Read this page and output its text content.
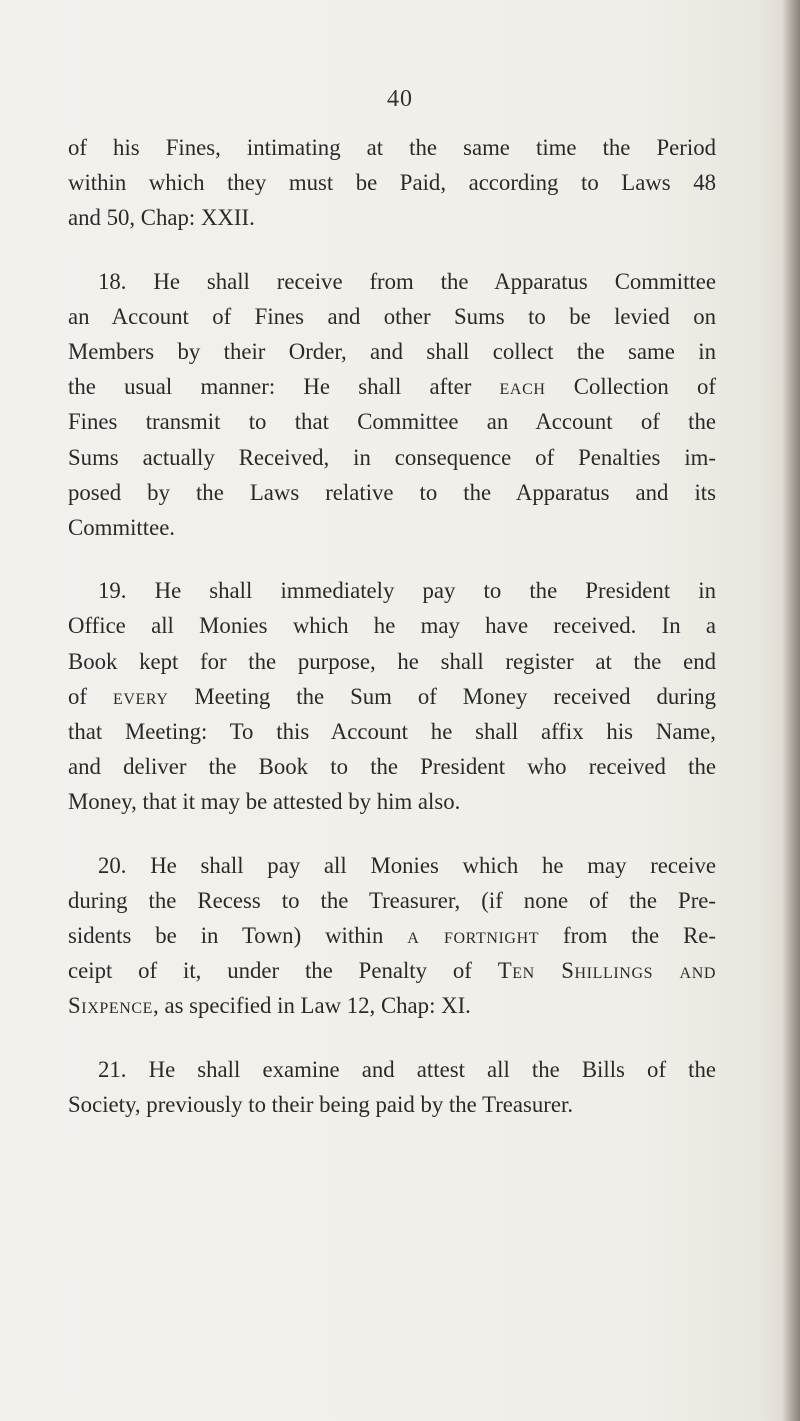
40

of his Fines, intimating at the same time the Period
within which they must be Paid, according to Laws 48
and 50, Chap: XXII.

18. He shall receive from the Apparatus Committee
an Account of Fines and other Sums to be levied on
Members by their Order, and shall collect the same in
the usual manner: He shall after each Collection of
Fines transmit to that Committee an Account of the
Sums actually Received, in consequence of Penalties im-
posed by the Laws relative to the Apparatus and its
Committee.

19. He shall immediately pay to the President in
Office all Monies which he may have received. In a
Book kept for the purpose, he shall register at the end
of every Meeting the Sum of Money received during
that Meeting: To this Account he shall affix his Name,
and deliver the Book to the President who received the
Money, that it may be attested by him also.

20. He shall pay all Monies which he may receive
during the Recess to the Treasurer, (if none of the Pre-
sidents be in Town) within a fortnight from the Re-
ceipt of it, under the Penalty of Ten Shillings and
Sixpence, as specified in Law 12, Chap: XI.

21. He shall examine and attest all the Bills of the
Society, previously to their being paid by the Treasurer.
